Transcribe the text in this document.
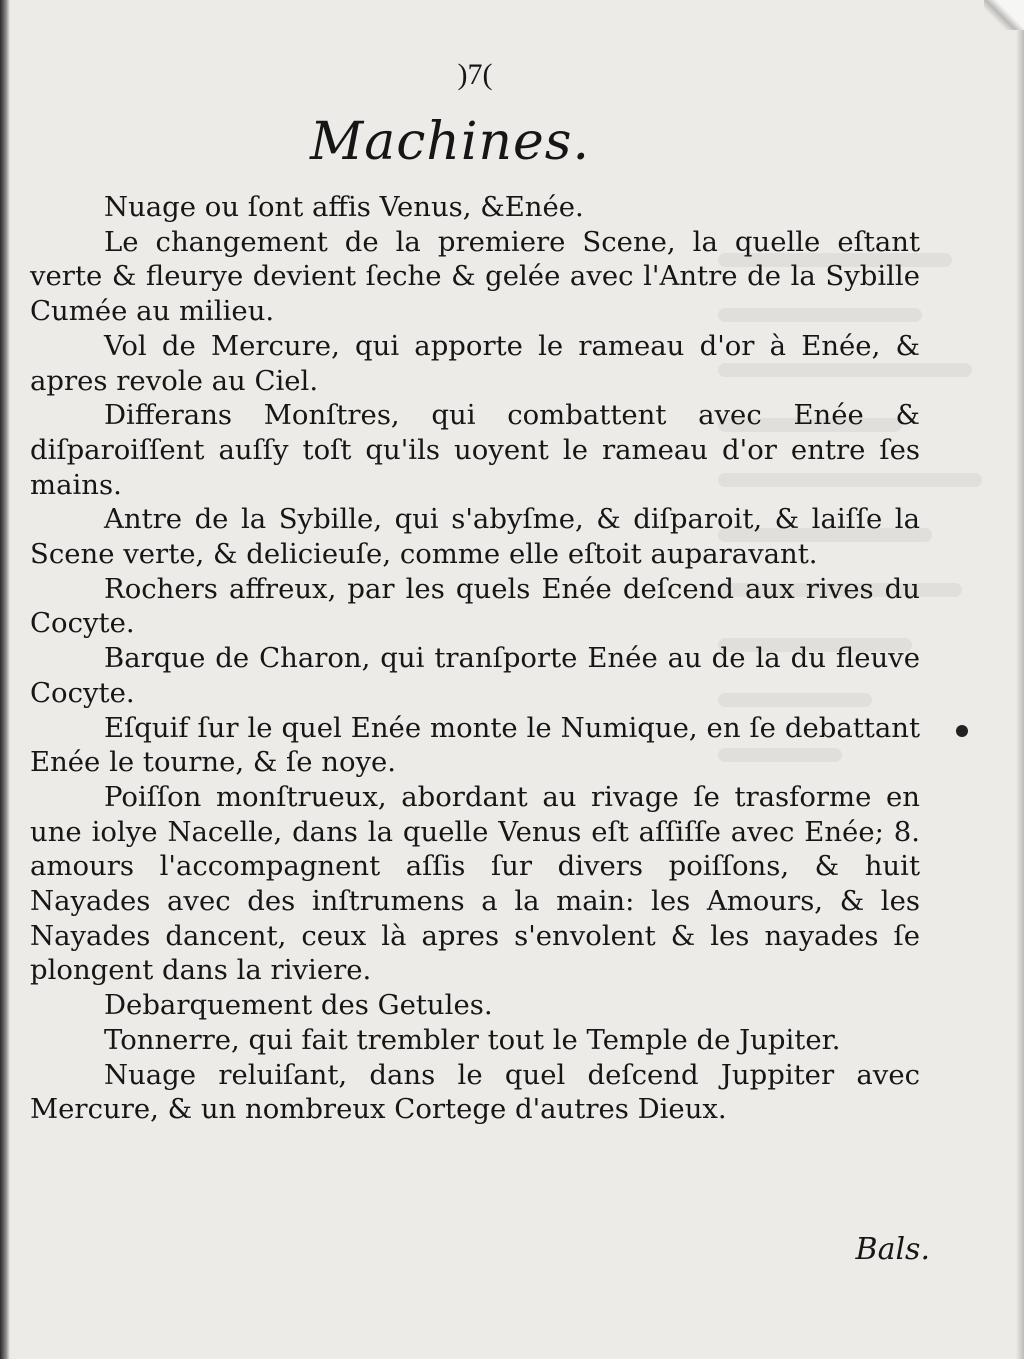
)7(
Machines.

Nuage ou ſont affis Venus, &Enée.

Le changement de la premiere Scene, la quelle eſtant verte & fleurye devient ſeche & gelée avec l'Antre de la Sybille Cumée au milieu.

Vol de Mercure, qui apporte le rameau d'or à Enée, & apres revole au Ciel.

Differans Monſtres, qui combattent avec Enée & diſparoiſſent auſſy toſt qu'ils uoyent le rameau d'or entre ſes mains.

Antre de la Sybille, qui s'abyſme, & diſparoit, & laiſſe la Scene verte, & delicieuſe, comme elle eſtoit auparavant.

Rochers affreux, par les quels Enée deſcend aux rives du Cocyte.

Barque de Charon, qui tranſporte Enée au de la du fleuve Cocyte.

Eſquif ſur le quel Enée monte le Numique, en ſe debattant Enée le tourne, & ſe noye.

Poiſſon monſtrueux, abordant au rivage ſe trasforme en une iolye Nacelle, dans la quelle Venus eſt aſſiſſe avec Enée; 8. amours l'accompagnent aſſis ſur divers poiſſons, & huit Nayades avec des inſtrumens a la main: les Amours, & les Nayades dancent, ceux là apres s'envolent & les nayades ſe plongent dans la riviere.

Debarquement des Getules.

Tonnerre, qui fait trembler tout le Temple de Jupiter.

Nuage reluiſant, dans le quel deſcend Juppiter avec Mercure, & un nombreux Cortege d'autres Dieux.

Bals.
